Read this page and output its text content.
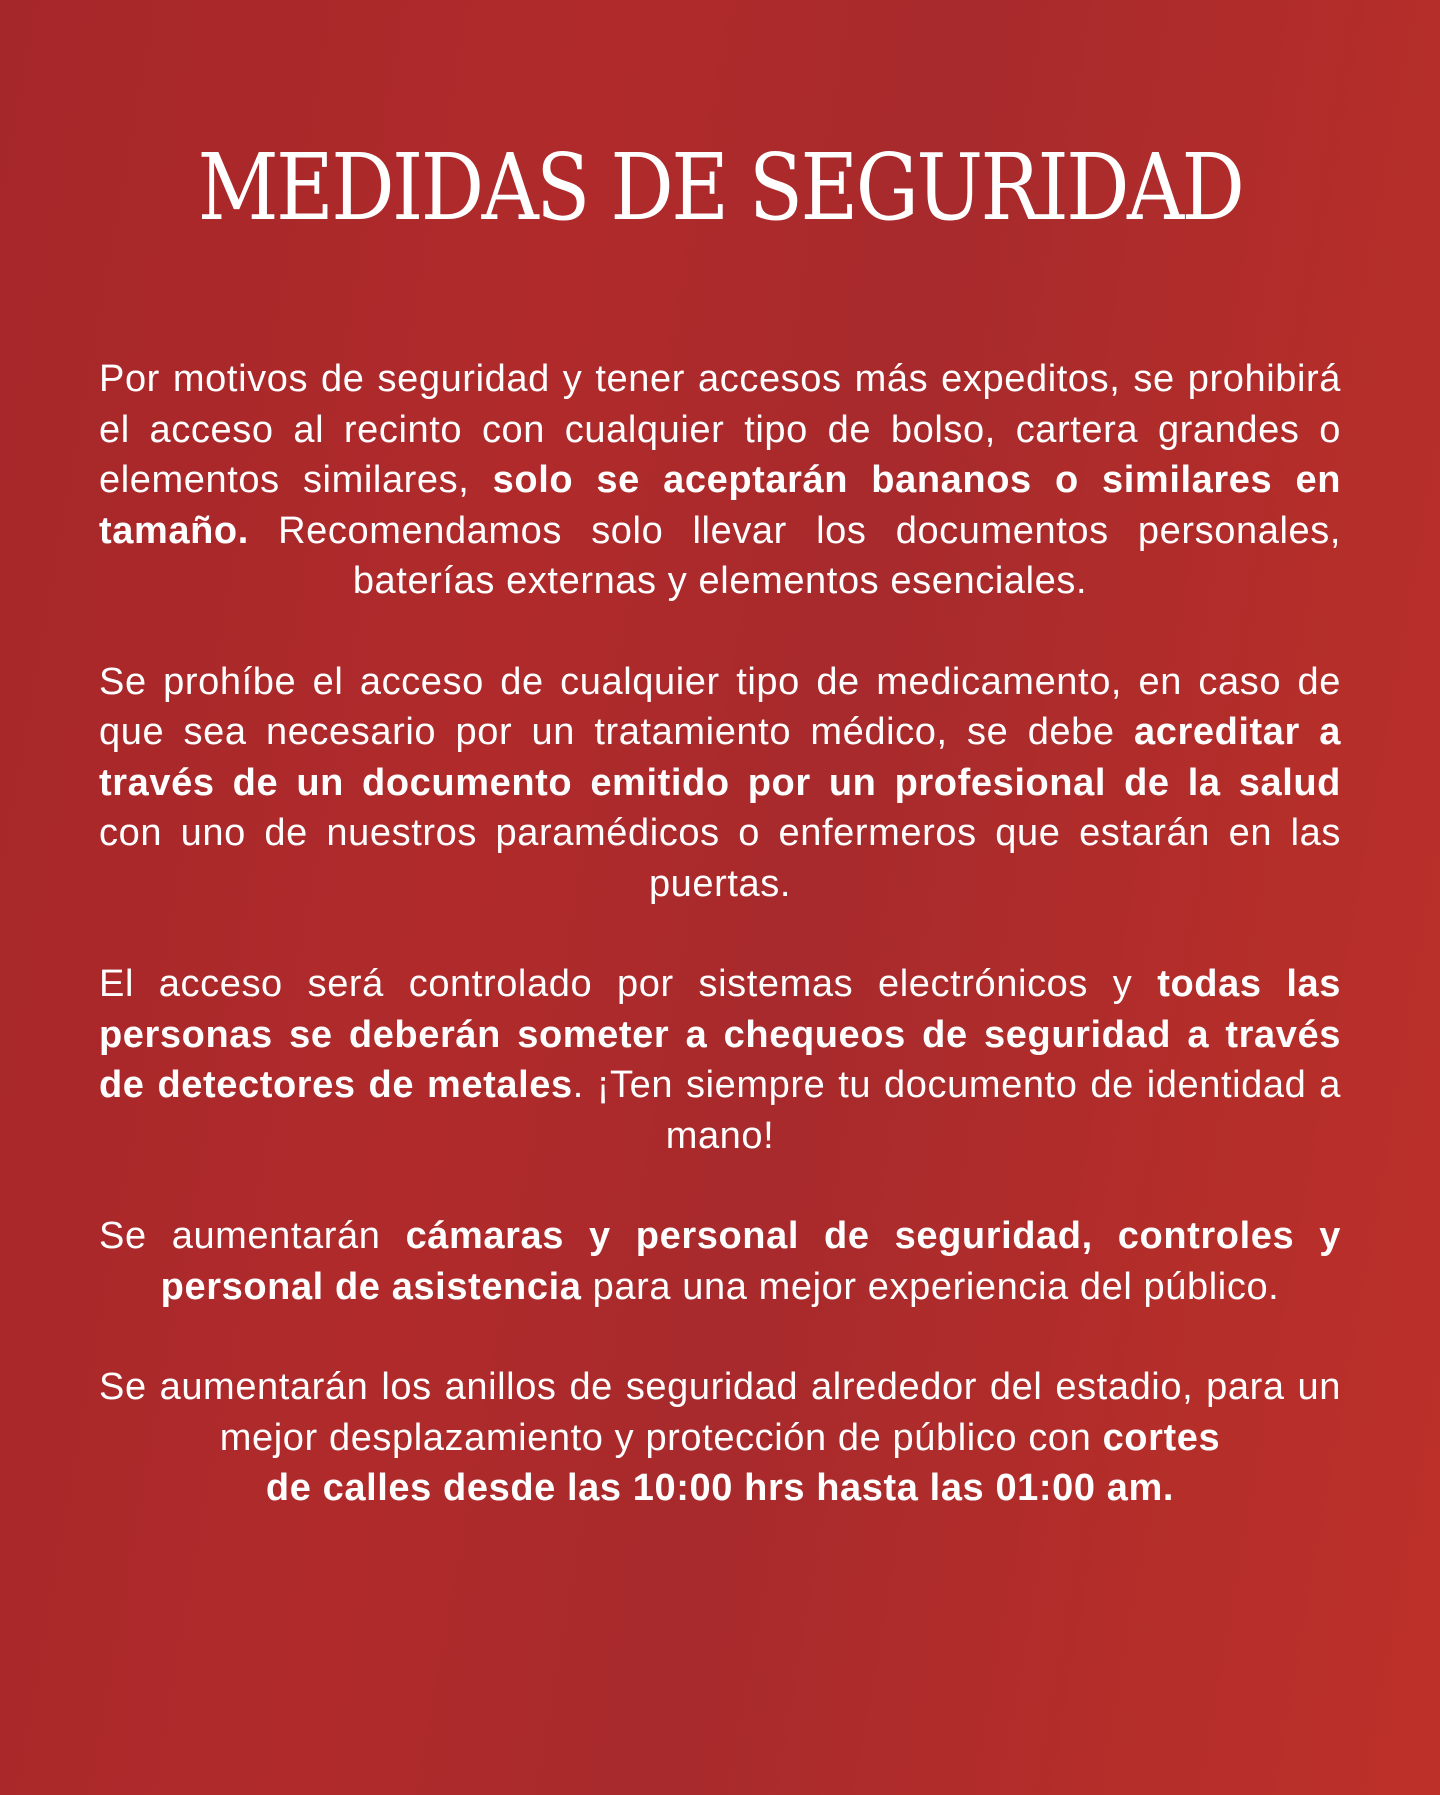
MEDIDAS DE SEGURIDAD

Por motivos de seguridad y tener accesos más expeditos, se prohibirá el acceso al recinto con cualquier tipo de bolso, cartera grandes o elementos similares, solo se aceptarán bananos o similares en tamaño. Recomendamos solo llevar los documentos personales, baterías externas y elementos esenciales.

Se prohíbe el acceso de cualquier tipo de medicamento, en caso de que sea necesario por un tratamiento médico, se debe acreditar a través de un documento emitido por un profesional de la salud con uno de nuestros paramédicos o enfermeros que estarán en las puertas.

El acceso será controlado por sistemas electrónicos y todas las personas se deberán someter a chequeos de seguridad a través de detectores de metales. ¡Ten siempre tu documento de identidad a mano!

Se aumentarán cámaras y personal de seguridad, controles y personal de asistencia para una mejor experiencia del público.

Se aumentarán los anillos de seguridad alrededor del estadio, para un mejor desplazamiento y protección de público con cortes
de calles desde las 10:00 hrs hasta las 01:00 am.
